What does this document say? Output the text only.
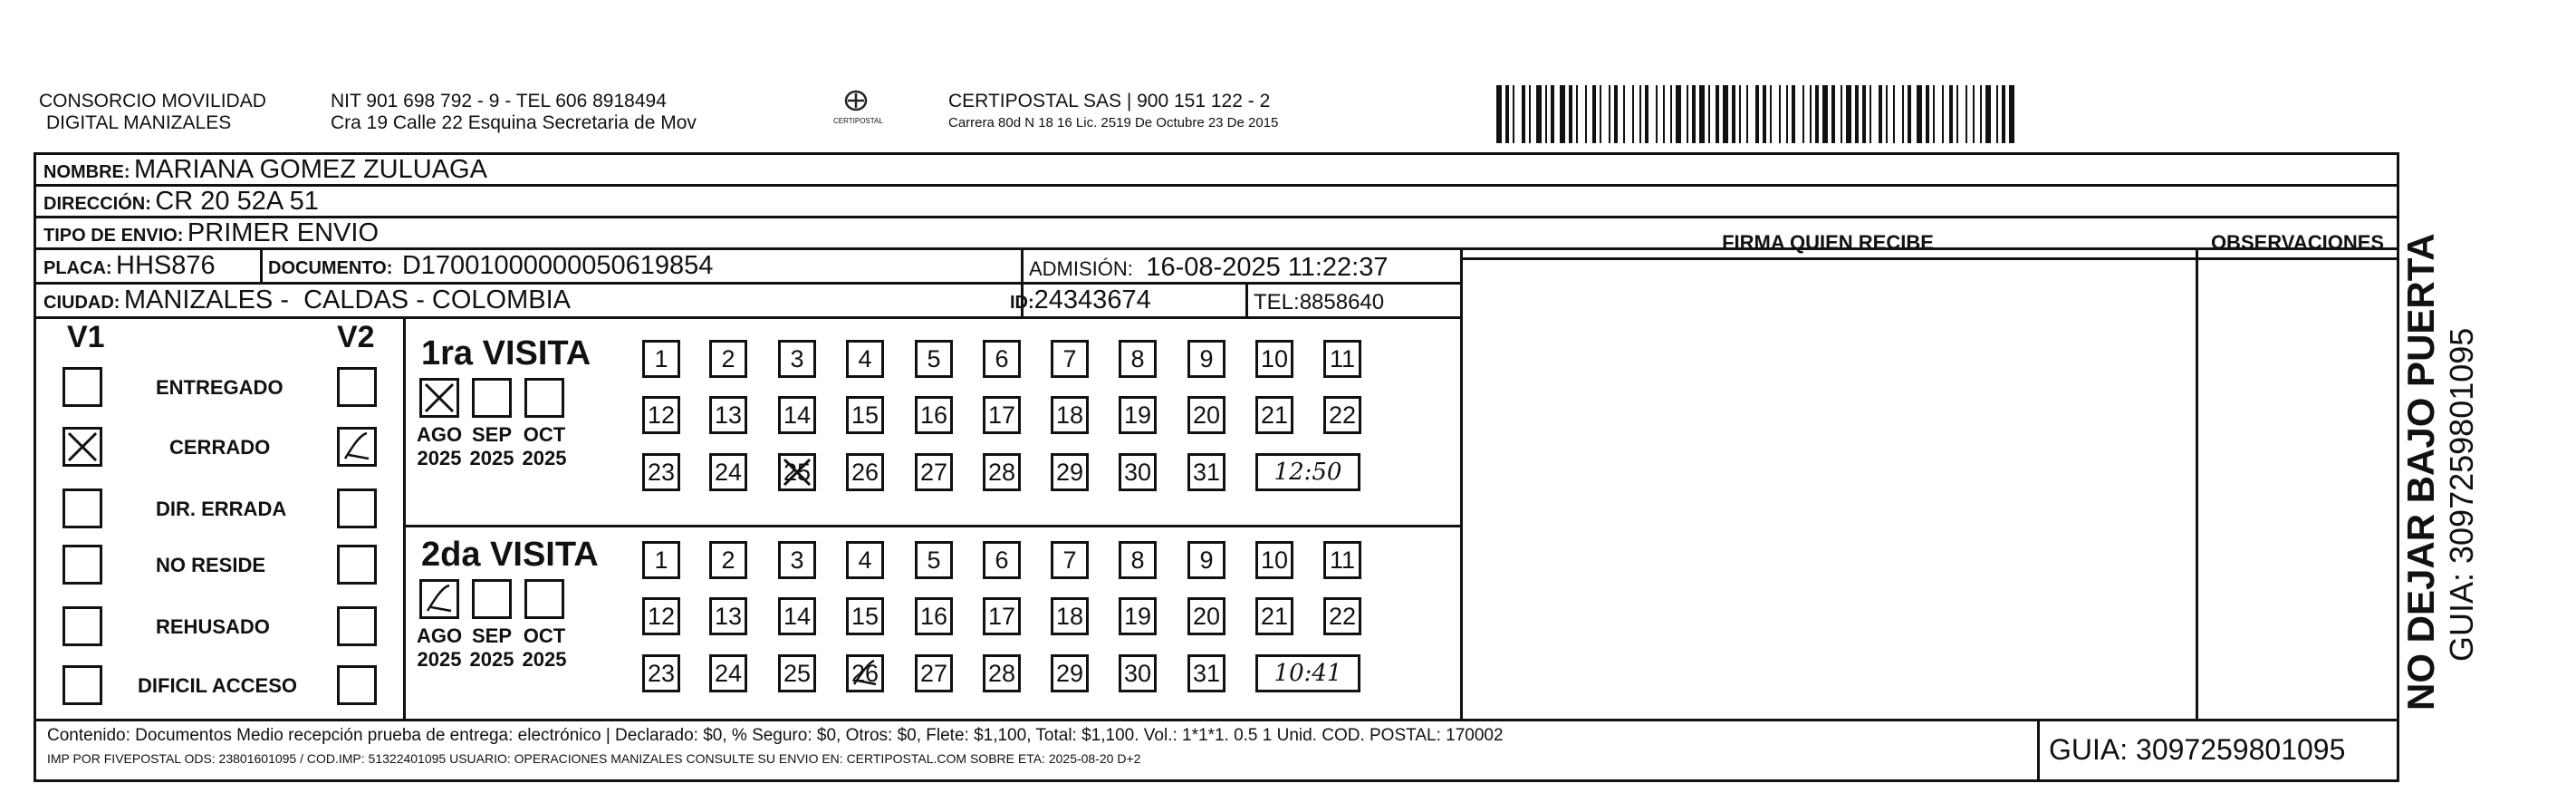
CONSORCIO MOVILIDAD
DIGITAL MANIZALES
NIT 901 698 792 - 9 - TEL 606 8918494
Cra 19 Calle 22 Esquina Secretaria de Mov	CERTIPOSTAL
CERTIPOSTAL SAS | 900 151 122 - 2
Carrera 80d N 18 16 Lic. 2519 De Octubre 23 De 2015
NOMBRE: MARIANA GOMEZ ZULUAGA
DIRECCIÓN: CR 20 52A 51
TIPO DE ENVIO: PRIMER ENVIO
PLACA: HHS876	DOCUMENTO: D17001000000050619854	ADMISIÓN: 16-08-2025 11:22:37
CIUDAD: MANIZALES -  CALDAS - COLOMBIA	ID:24343674	TEL:8858640
FIRMA QUIEN RECIBE	OBSERVACIONES
V1	V2
ENTREGADO
CERRADO
DIR. ERRADA
NO RESIDE
REHUSADO
DIFICIL ACCESO
1ra VISITA
2da VISITA
AGO
2025
SEP
2025
OCT
2025
1	2	3	4	5	6	7	8	9	10 11
12 13 14 15 16 17 18 19 20 21 22
23 24 25 26 27 28 29 30 31	12:50
AGO
2025
SEP
2025
OCT
2025
1	2	3	4	5	6	7	8	9	10 11
12 13 14 15 16 17 18 19 20 21 22
23 24 25 26 27 28 29 30 31	10:41
Contenido: Documentos Medio recepción prueba de entrega: electrónico | Declarado: $0, % Seguro: $0, Otros: $0, Flete: $1,100, Total: $1,100. Vol.: 1*1*1. 0.5 1 Unid. COD. POSTAL: 170002
IMP POR FIVEPOSTAL ODS: 23801601095 / COD.IMP: 51322401095 USUARIO: OPERACIONES MANIZALES CONSULTE SU ENVIO EN: CERTIPOSTAL.COM SOBRE ETA: 2025-08-20 D+2	GUIA: 3097259801095
NO DEJAR BAJO PUERTA GUIA: 3097259801095
